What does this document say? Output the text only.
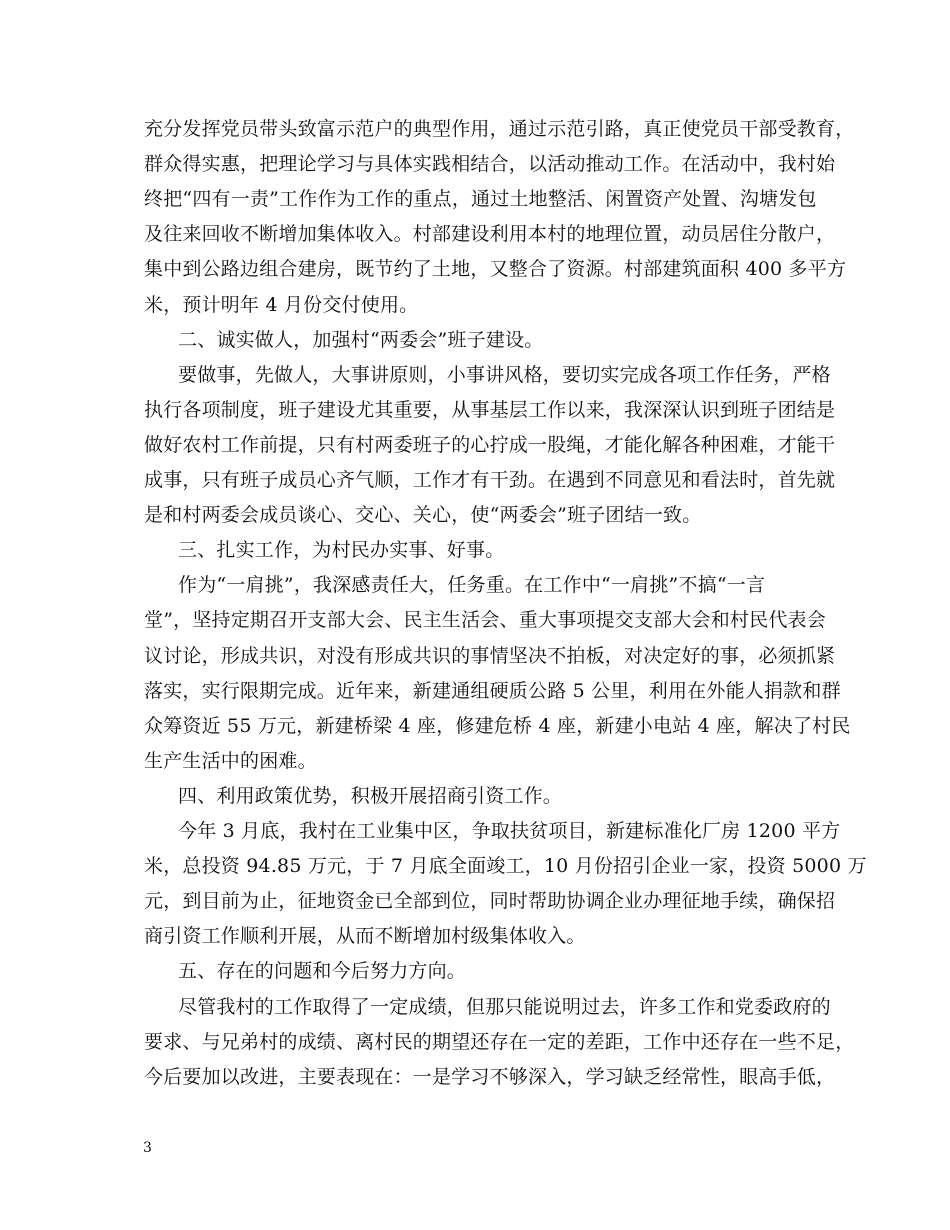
充分发挥党员带头致富示范户的典型作用，通过示范引路，真正使党员干部受教育，
群众得实惠，把理论学习与具体实践相结合，以活动推动工作。在活动中，我村始
终把“四有一责”工作作为工作的重点，通过土地整活、闲置资产处置、沟塘发包
及往来回收不断增加集体收入。村部建设利用本村的地理位置，动员居住分散户，
集中到公路边组合建房，既节约了土地，又整合了资源。村部建筑面积 400 多平方
米，预计明年 4 月份交付使用。
二、诚实做人，加强村“两委会”班子建设。
要做事，先做人，大事讲原则，小事讲风格，要切实完成各项工作任务，严格
执行各项制度，班子建设尤其重要，从事基层工作以来，我深深认识到班子团结是
做好农村工作前提，只有村两委班子的心拧成一股绳，才能化解各种困难，才能干
成事，只有班子成员心齐气顺，工作才有干劲。在遇到不同意见和看法时，首先就
是和村两委会成员谈心、交心、关心，使“两委会”班子团结一致。
三、扎实工作，为村民办实事、好事。
作为“一肩挑”，我深感责任大，任务重。在工作中“一肩挑”不搞“一言
堂”，坚持定期召开支部大会、民主生活会、重大事项提交支部大会和村民代表会
议讨论，形成共识，对没有形成共识的事情坚决不拍板，对决定好的事，必须抓紧
落实，实行限期完成。近年来，新建通组硬质公路 5 公里，利用在外能人捐款和群
众筹资近 55 万元，新建桥梁 4 座，修建危桥 4 座，新建小电站 4 座，解决了村民
生产生活中的困难。
四、利用政策优势，积极开展招商引资工作。
今年 3 月底，我村在工业集中区，争取扶贫项目，新建标准化厂房 1200 平方
米，总投资 94.85 万元，于 7 月底全面竣工，10 月份招引企业一家，投资 5000 万
元，到目前为止，征地资金已全部到位，同时帮助协调企业办理征地手续，确保招
商引资工作顺利开展，从而不断增加村级集体收入。
五、存在的问题和今后努力方向。
尽管我村的工作取得了一定成绩，但那只能说明过去，许多工作和党委政府的
要求、与兄弟村的成绩、离村民的期望还存在一定的差距，工作中还存在一些不足，
3
今后要加以改进，主要表现在：一是学习不够深入，学习缺乏经常性，眼高手低，
